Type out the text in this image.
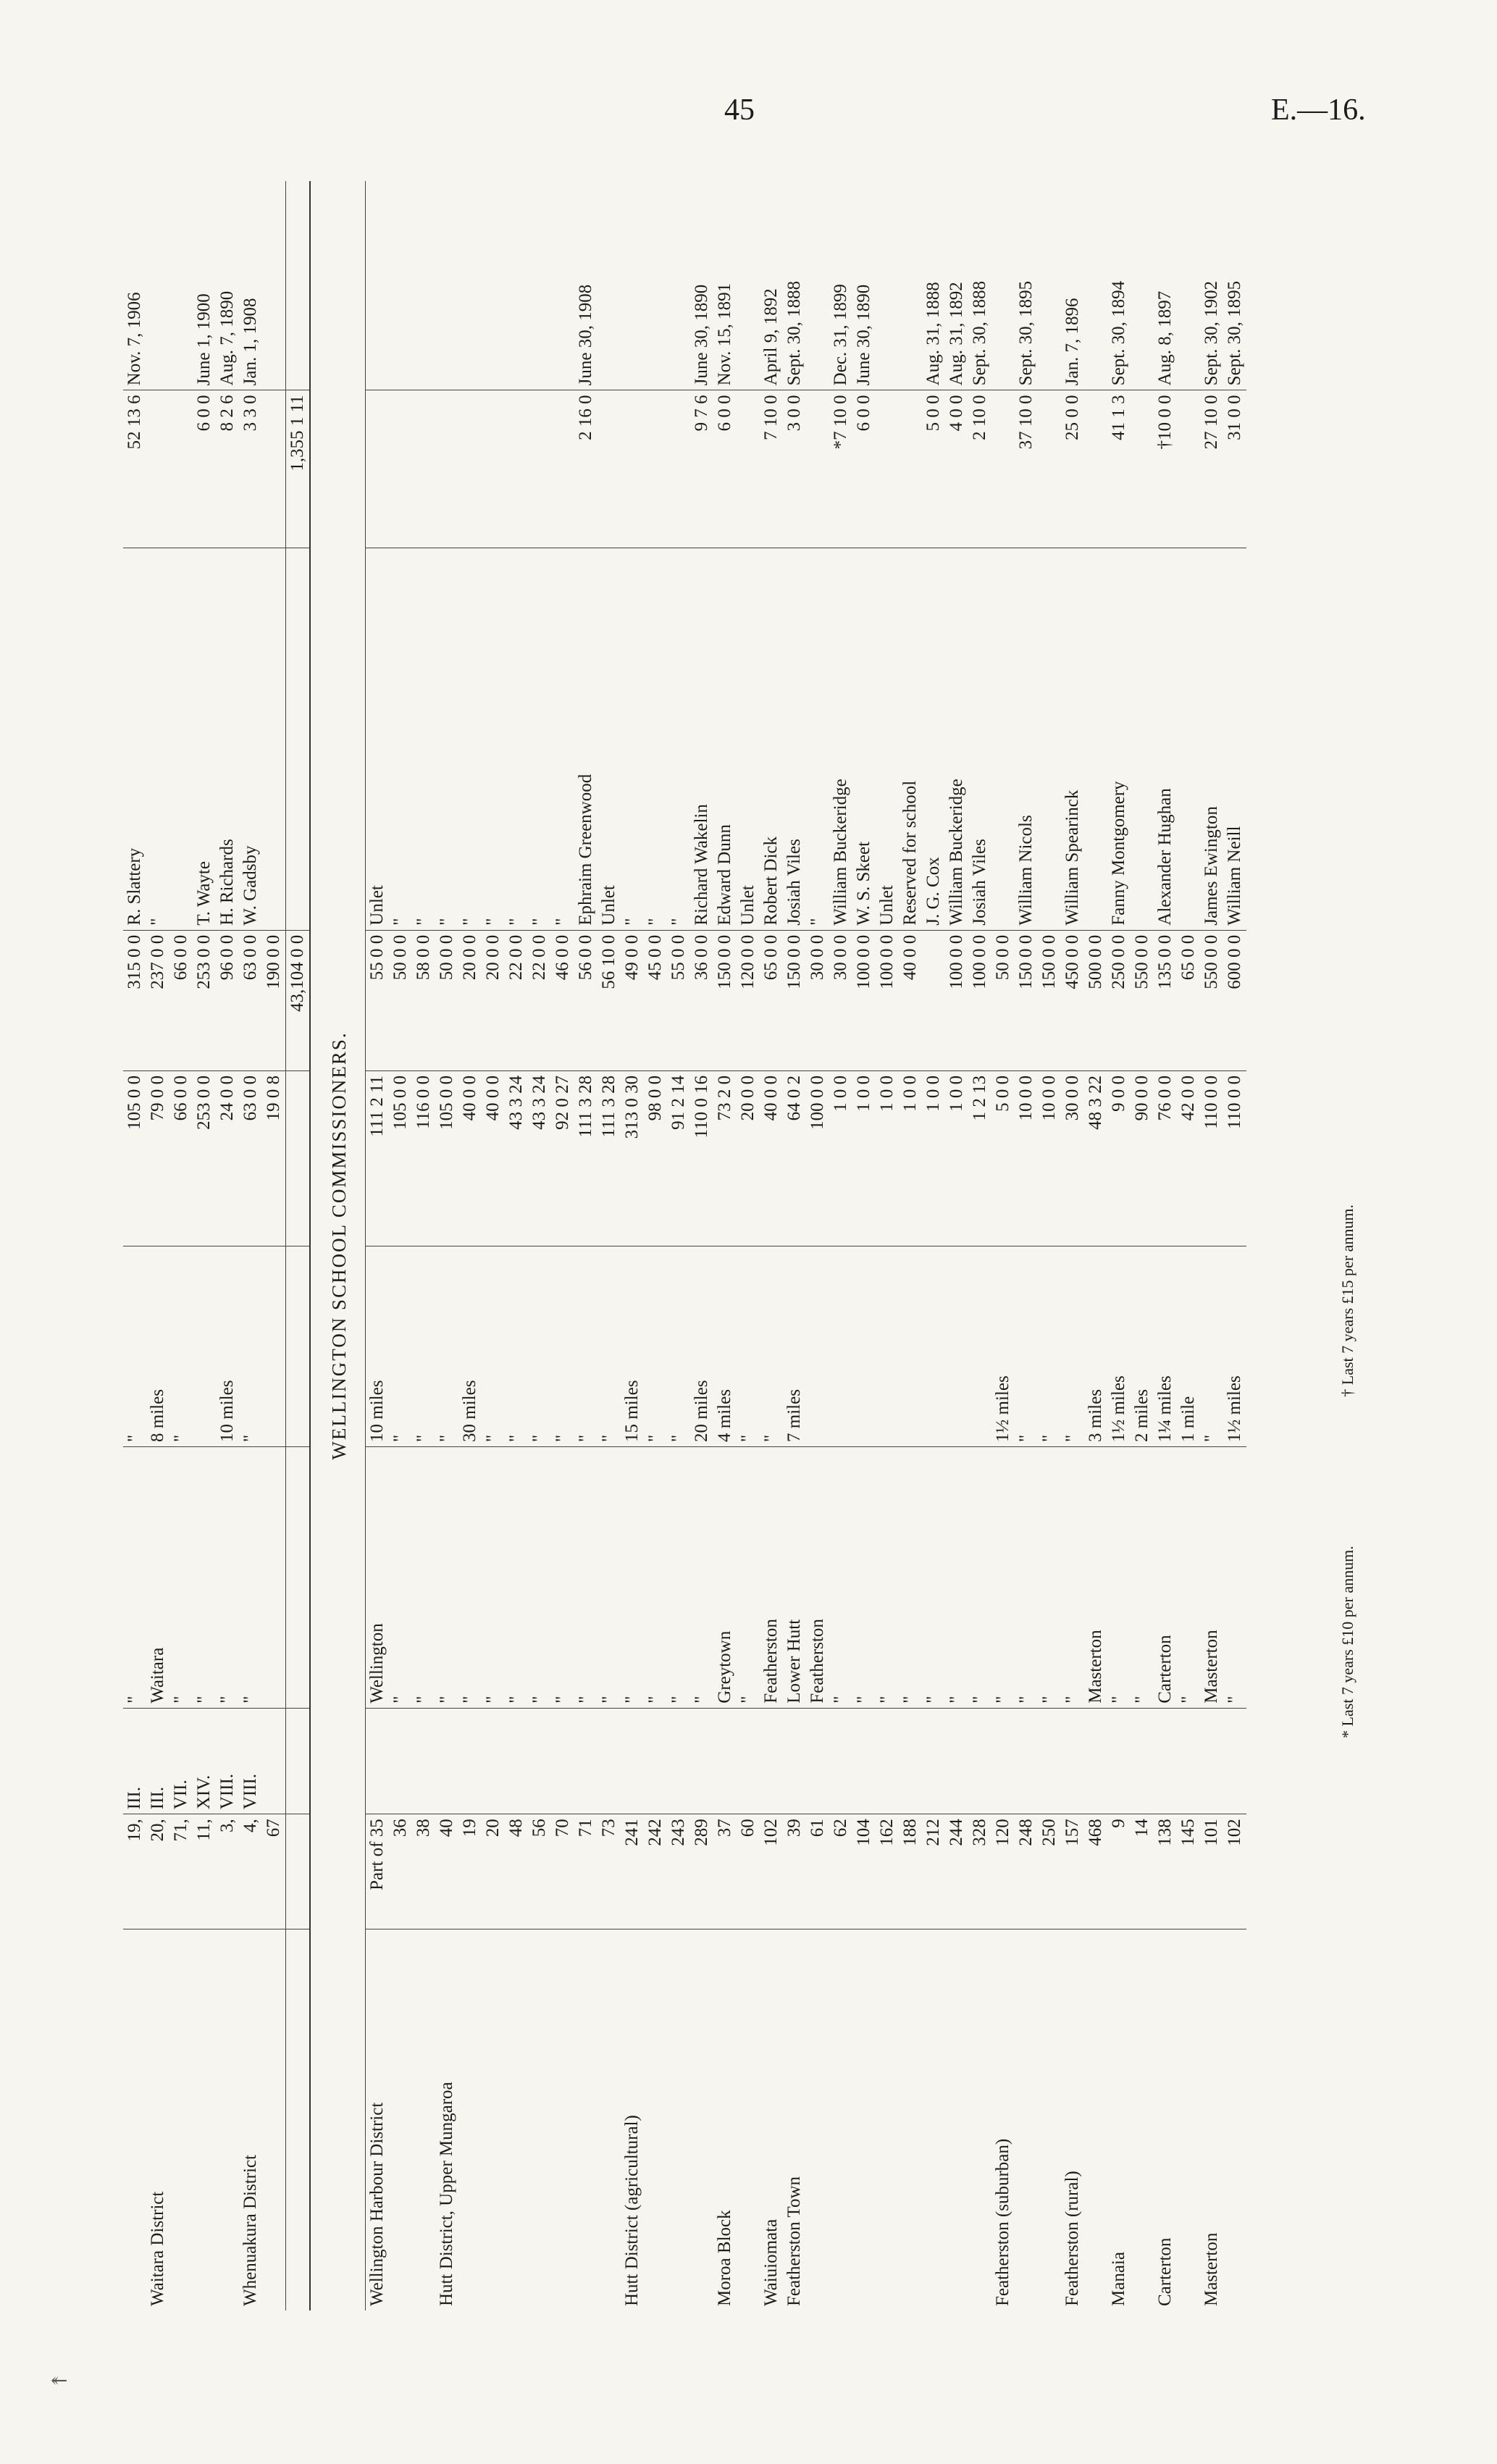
45	E.—16.
	19,	III.	"	"	105 0 0	315 0 0	R. Slattery	52 13 6	Nov. 7, 1906
Waitara District	20,	III.	Waitara	8 miles	79 0 0	237 0 0	"		
	71,	VII.	"	"	66 0 0	66 0 0			
	11,	XIV.	"		253 0 0	253 0 0	T. Wayte	6 0 0	June 1, 1900
	3,	VIII.	"	10 miles	24 0 0	96 0 0	H. Richards	8 2 6	Aug. 7, 1890
Whenuakura District	4,	VIII.	"	"	63 0 0	63 0 0	W. Gadsby	3 3 0	Jan. 1, 1908
	67				19 0 8	190 0 0			
						43,104 0 0		1,355 1 11	
WELLINGTON SCHOOL COMMISSIONERS.									
Wellington Harbour District	Part of 35		Wellington	10 miles	111 2 11	55 0 0	Unlet		
	36		"	"	105 0 0	50 0 0	"		
	38		"	"	116 0 0	58 0 0	"		
Hutt District, Upper Mungaroa	40		"	"	105 0 0	50 0 0	"		
	19		"	30 miles	40 0 0	20 0 0	"		
	20		"	"	40 0 0	20 0 0	"		
	48		"	"	43 3 24	22 0 0	"		
	56		"	"	43 3 24	22 0 0	"		
	70		"	"	92 0 27	46 0 0	"		
	71		"	"	111 3 28	56 0 0	Ephraim Greenwood	2 16 0	June 30, 1908
	73		"	"	111 3 28	56 10 0	Unlet		
Hutt District (agricultural)	241		"	15 miles	313 0 30	49 0 0	"		
	242		"	"	98 0 0	45 0 0	"		
	243		"	"	91 2 14	55 0 0	"		
	289		"	20 miles	110 0 16	36 0 0	Richard Wakelin	9 7 6	June 30, 1890
Moroa Block	37		Greytown	4 miles	73 2 0	150 0 0	Edward Dunn	6 0 0	Nov. 15, 1891
	60		"	"	20 0 0	120 0 0	Unlet		
Waiuiomata	102		Featherston	"	40 0 0	65 0 0	Robert Dick	7 10 0	April 9, 1892
Featherston Town	39		Lower Hutt	7 miles	64 0 2	150 0 0	Josiah Viles	3 0 0	Sept. 30, 1888
	61		Featherston		100 0 0	30 0 0	"		
	62		"		1 0 0	30 0 0	William Buckeridge	*7 10 0	Dec. 31, 1899
	104		"		1 0 0	100 0 0	W. S. Skeet	6 0 0	June 30, 1890
	162		"		1 0 0	100 0 0	Unlet		
	188		"		1 0 0	40 0 0	Reserved for school		
	212		"		1 0 0		J. G. Cox	5 0 0	Aug. 31, 1888
	244		"		1 0 0	100 0 0	William Buckeridge	4 0 0	Aug. 31, 1892
	328		"		1 2 13	100 0 0	Josiah Viles	2 10 0	Sept. 30, 1888
Featherston (suburban)	120		"	1½ miles	5 0 0	50 0 0			
	248		"	"	10 0 0	150 0 0	William Nicols	37 10 0	Sept. 30, 1895
	250		"	"	10 0 0	150 0 0			
Featherston (rural)	157		"	"	30 0 0	450 0 0	William Spearinck	25 0 0	Jan. 7, 1896
	468		Masterton	3 miles	48 3 22	500 0 0			
Manaia	9		"	1½ miles	9 0 0	250 0 0	Fanny Montgomery	41 1 3	Sept. 30, 1894
	14		"	2 miles	90 0 0	550 0 0			
Carterton	138		Carterton	1¼ miles	76 0 0	135 0 0	Alexander Hughan	†10 0 0	Aug. 8, 1897
	145		"	1 mile	42 0 0	65 0 0			
Masterton	101		Masterton	"	110 0 0	550 0 0	James Ewington	27 10 0	Sept. 30, 1902
	102		"	1½ miles	110 0 0	600 0 0	William Neill	31 0 0	Sept. 30, 1895
* Last 7 years £10 per annum. † Last 7 years £15 per annum.
↞
